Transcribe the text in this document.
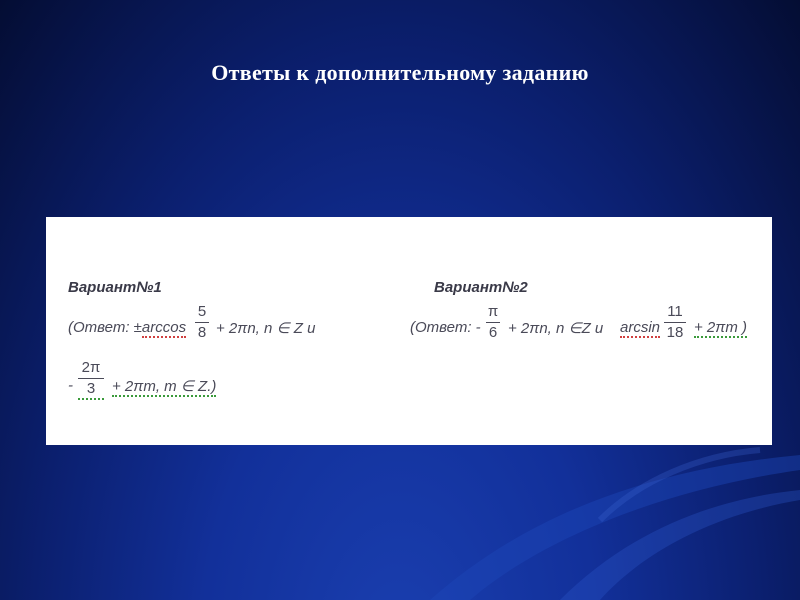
Ответы к дополнительному заданию
Вариант№1
(Ответ: ±arccos
5
8 + 2πn, n ∈ Z и
-
2π
3	+ 2πm, m ∈ Z.)
Вариант№2
(Ответ: -
π
6 + 2πn, n ∈Z и arcsin
11
18 + 2πm )
